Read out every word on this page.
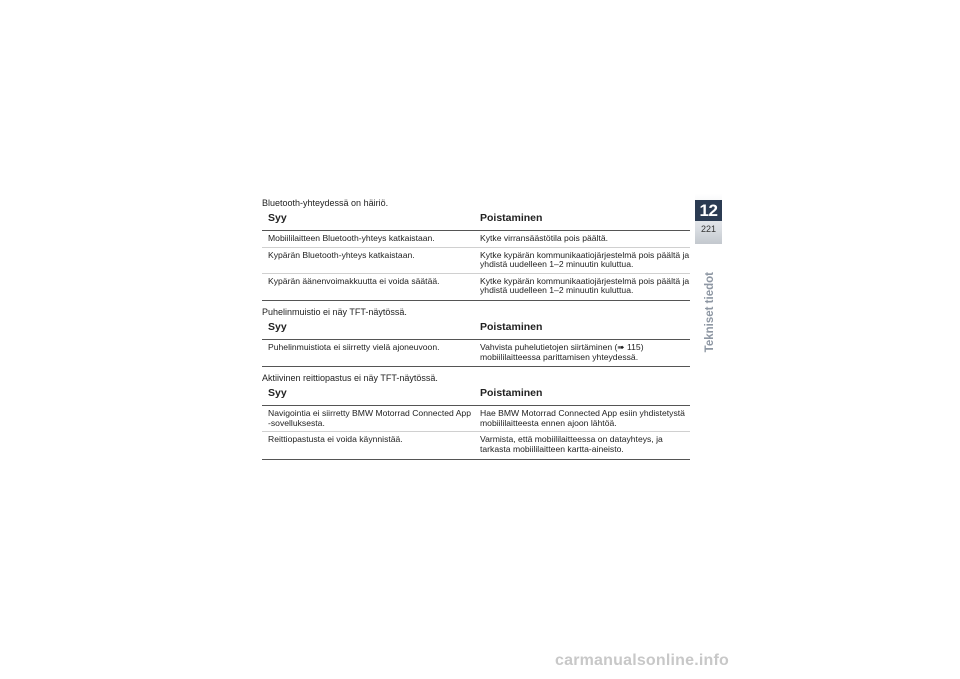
Bluetooth-yhteydessä on häiriö.

Syy	Poistaminen
Mobiililaitteen Bluetooth-yhteys katkaistaan.	Kytke virransäästötila pois päältä.
Kypärän Bluetooth-yhteys katkaistaan.	Kytke kypärän kommunikaatiojärjestelmä pois päältä ja yhdistä uudelleen 1–2 minuutin kuluttua.
Kypärän äänenvoimakkuutta ei voida säätää.	Kytke kypärän kommunikaatiojärjestelmä pois päältä ja yhdistä uudelleen 1–2 minuutin kuluttua.

Puhelinmuistio ei näy TFT-näytössä.

Syy	Poistaminen
Puhelinmuistiota ei siirretty vielä ajoneuvoon.	Vahvista puhelutietojen siirtäminen (➠ 115) mobiililaitteessa parittamisen yhteydessä.

Aktiivinen reittiopastus ei näy TFT-näytössä.

Syy	Poistaminen
Navigointia ei siirretty BMW Motorrad Connected App -sovelluksesta.	Hae BMW Motorrad Connected App esiin yhdistetystä mobiililaitteesta ennen ajoon lähtöä.
Reittiopastusta ei voida käynnistää.	Varmista, että mobiililaitteessa on datayhteys, ja tarkasta mobiililaitteen kartta-aineisto.
12
221
Tekniset tiedot
carmanualsonline.info
